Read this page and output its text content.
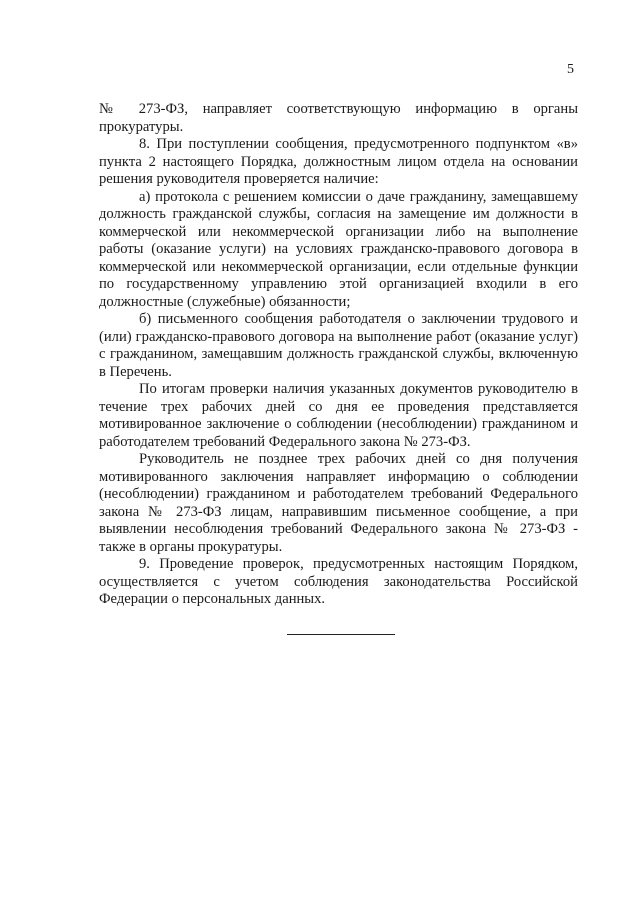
5

№ 273-ФЗ, направляет соответствующую информацию в органы прокуратуры.

8. При поступлении сообщения, предусмотренного подпунктом «в» пункта 2 настоящего Порядка, должностным лицом отдела на основании решения руководителя проверяется наличие:

а) протокола с решением комиссии о даче гражданину, замещавшему должность гражданской службы, согласия на замещение им должности в коммерческой или некоммерческой организации либо на выполнение работы (оказание услуги) на условиях гражданско-правового договора в коммерческой или некоммерческой организации, если отдельные функции по государственному управлению этой организацией входили в его должностные (служебные) обязанности;

б) письменного сообщения работодателя о заключении трудового и (или) гражданско-правового договора на выполнение работ (оказание услуг) с гражданином, замещавшим должность гражданской службы, включенную в Перечень.

По итогам проверки наличия указанных документов руководителю в течение трех рабочих дней со дня ее проведения представляется мотивированное заключение о соблюдении (несоблюдении) гражданином и работодателем требований Федерального закона № 273-ФЗ.

Руководитель не позднее трех рабочих дней со дня получения мотивированного заключения направляет информацию о соблюдении (несоблюдении) гражданином и работодателем требований Федерального закона № 273-ФЗ лицам, направившим письменное сообщение, а при выявлении несоблюдения требований Федерального закона № 273-ФЗ - также в органы прокуратуры.

9. Проведение проверок, предусмотренных настоящим Порядком, осуществляется с учетом соблюдения законодательства Российской Федерации о персональных данных.
